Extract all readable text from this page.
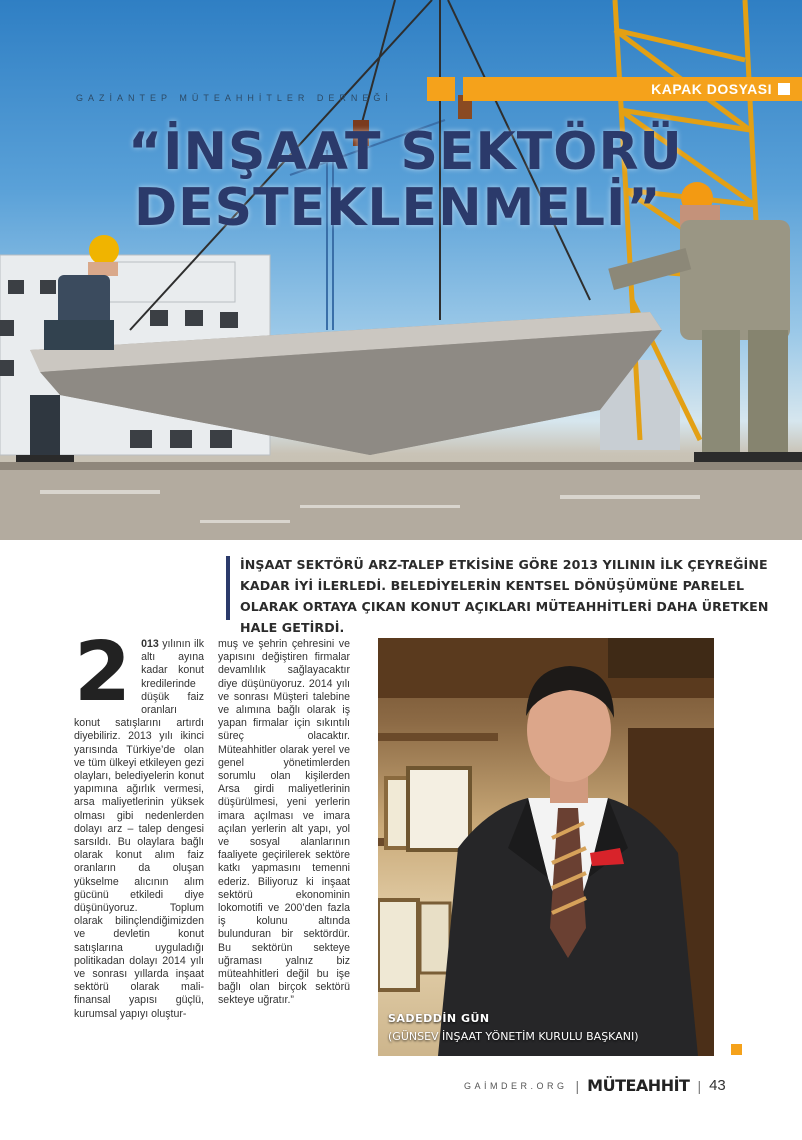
GAZİANTEP MÜTEAHHİTLER DERNEĞİ
KAPAK DOSYASI
“İNŞAAT SEKTÖRÜ
DESTEKLENMELİ”

İNŞAAT SEKTÖRÜ ARZ-TALEP ETKİSİNE GÖRE 2013 YILININ İLK ÇEYREĞİNE KADAR İYİ İLERLEDİ. BELEDİYELERİN KENTSEL DÖNÜŞÜMÜNE PARELEL OLARAK ORTAYA ÇIKAN KONUT AÇIKLARI MÜTEAHHİTLERİ DAHA ÜRETKEN HALE GETİRDİ.

2 013 yılının ilk altı ayına kadar konut kredilerinde düşük faiz oranları konut satışlarını artırdı diyebiliriz. 2013 yılı ikinci yarısında Türkiye’de olan ve tüm ülkeyi etkileyen gezi olayları, belediyelerin konut yapımına ağırlık vermesi, arsa maliyetlerinin yüksek olması gibi nedenlerden dolayı arz – talep dengesi sarsıldı. Bu olaylara bağlı olarak konut alım faiz oranların da oluşan yükselme alıcının alım gücünü etkiledi diye düşünüyoruz. Toplum olarak bilinçlendiğimizden ve devletin konut satışlarına uyguladığı politikadan dolayı 2014 yılı ve sonrası yıllarda inşaat sektörü olarak mali- finansal yapısı güçlü, kurumsal yapıyı oluştur-
muş ve şehrin çehresini ve yapısını değiştiren firmalar devamlılık sağlayacaktır diye düşünüyoruz. 2014 yılı ve sonrası Müşteri talebine ve alımına bağlı olarak iş yapan firmalar için sıkıntılı süreç olacaktır. Müteahhitler olarak yerel ve genel yönetimlerden sorumlu olan kişilerden Arsa girdi maliyetlerinin düşürülmesi, yeni yerlerin imara açılması ve imara açılan yerlerin alt yapı, yol ve sosyal alanlarının faaliyete geçirilerek sektöre katkı yapmasını temenni ederiz. Biliyoruz ki inşaat sektörü ekonominin lokomotifi ve 200’den fazla iş kolunu altında bulunduran bir sektördür. Bu sektörün sekteye uğraması yalnız biz müteahhitleri değil bu işe bağlı olan birçok sektörü sekteye uğratır.”
SADEDDİN GÜN
(GÜNSEV İNŞAAT YÖNETİM KURULU BAŞKANI)
GAİMDER.ORG | MÜTEAHHİT | 43
